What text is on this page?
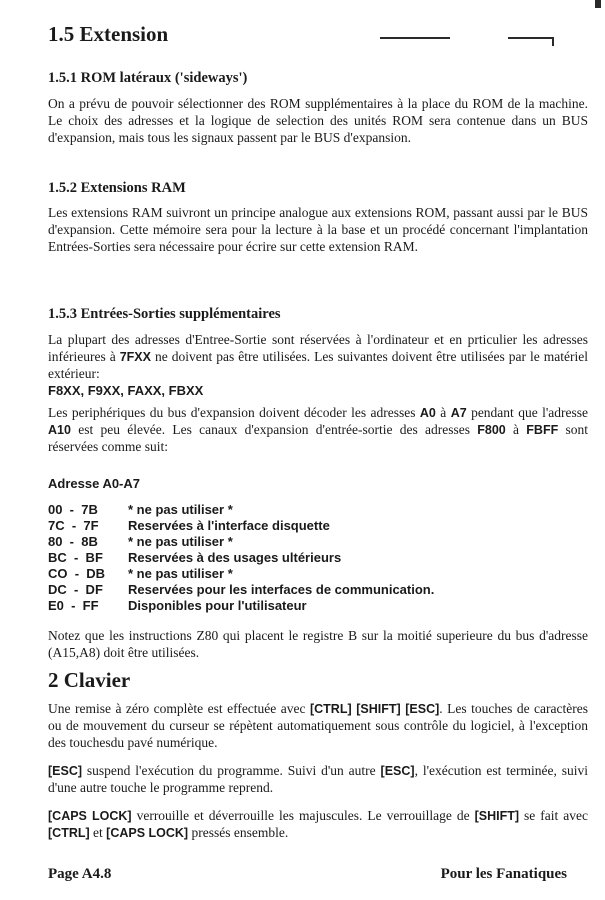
1.5 Extension
1.5.1 ROM latéraux ('sideways')

On a prévu de pouvoir sélectionner des ROM supplémentaires à la place du ROM de la machine. Le choix des adresses et la logique de selection des unités ROM sera contenue dans un BUS d'expansion, mais tous les signaux passent par le BUS d'expansion.

1.5.2 Extensions RAM

Les extensions RAM suivront un principe analogue aux extensions ROM, passant aussi par le BUS d'expansion. Cette mémoire sera pour la lecture à la base et un procédé concernant l'implantation Entrées-Sorties sera nécessaire pour écrire sur cette extension RAM.

1.5.3 Entrées-Sorties supplémentaires

La plupart des adresses d'Entree-Sortie sont réservées à l'ordinateur et en prticulier les adresses inférieures à 7FXX ne doivent pas être utilisées. Les suivantes doivent être utilisées par le matériel extérieur:

F8XX, F9XX, FAXX, FBXX

Les periphériques du bus d'expansion doivent décoder les adresses A0 à A7 pendant que l'adresse A10 est peu élevée. Les canaux d'expansion d'entrée-sortie des adresses F800 à FBFF sont réservées comme suit:

Adresse A0-A7
00  -  7B	* ne pas utiliser *
7C  -  7F	Reservées à l'interface disquette
80  -  8B	* ne pas utiliser *
BC  -  BF	Reservées à des usages ultérieurs
CO  -  DB	* ne pas utiliser *
DC  -  DF	Reservées pour les interfaces de communication.
E0  -  FF	Disponibles pour l'utilisateur

Notez que les instructions Z80 qui placent le registre B sur la moitié superieure du bus d'adresse (A15,A8) doit être utilisées.

2 Clavier

Une remise à zéro complète est effectuée avec [CTRL] [SHIFT] [ESC]. Les touches de caractères ou de mouvement du curseur se répètent automatiquement sous contrôle du logiciel, à l'exception des touchesdu pavé numérique.

[ESC] suspend l'exécution du programme. Suivi d'un autre [ESC], l'exécution est terminée, suivi d'une autre touche le programme reprend.

[CAPS LOCK] verrouille et déverrouille les majuscules. Le verrouillage de [SHIFT] se fait avec [CTRL] et [CAPS LOCK] pressés ensemble.

Page A4.8	Pour les Fanatiques
